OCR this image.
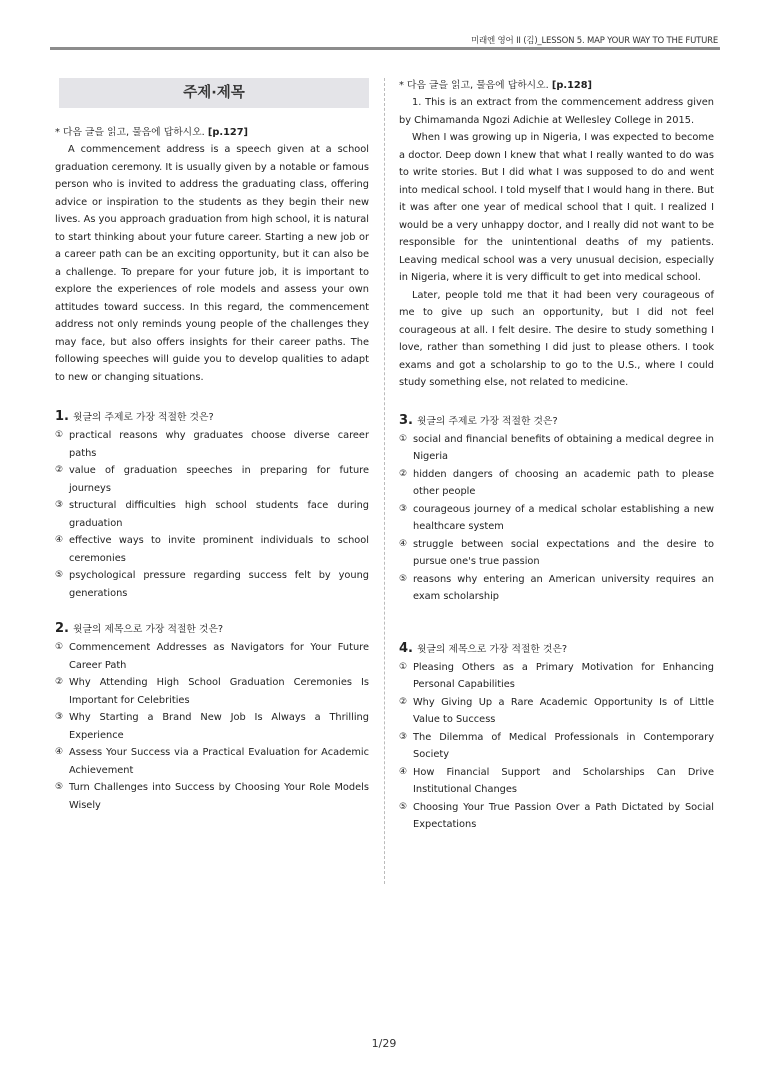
미래엔 영어 II (김)_LESSON 5. MAP YOUR WAY TO THE FUTURE
주제·제목
* 다음 글을 읽고, 물음에 답하시오. [p.127]

A commencement address is a speech given at a school graduation ceremony. It is usually given by a notable or famous person who is invited to address the graduating class, offering advice or inspiration to the students as they begin their new lives. As you approach graduation from high school, it is natural to start thinking about your future career. Starting a new job or a career path can be an exciting opportunity, but it can also be a challenge. To prepare for your future job, it is important to explore the experiences of role models and assess your own attitudes toward success. In this regard, the commencement address not only reminds young people of the challenges they may face, but also offers insights for their career paths. The following speeches will guide you to develop qualities to adapt to new or changing situations.

1. 윗글의 주제로 가장 적절한 것은?
① practical reasons why graduates choose diverse career paths
② value of graduation speeches in preparing for future journeys
③ structural difficulties high school students face during graduation
④ effective ways to invite prominent individuals to school ceremonies
⑤ psychological pressure regarding success felt by young generations
2. 윗글의 제목으로 가장 적절한 것은?
① Commencement Addresses as Navigators for Your Future Career Path
② Why Attending High School Graduation Ceremonies Is Important for Celebrities
③ Why Starting a Brand New Job Is Always a Thrilling Experience
④ Assess Your Success via a Practical Evaluation for Academic Achievement
⑤ Turn Challenges into Success by Choosing Your Role Models Wisely
* 다음 글을 읽고, 물음에 답하시오. [p.128]

1. This is an extract from the commencement address given by Chimamanda Ngozi Adichie at Wellesley College in 2015.

When I was growing up in Nigeria, I was expected to become a doctor. Deep down I knew that what I really wanted to do was to write stories. But I did what I was supposed to do and went into medical school. I told myself that I would hang in there. But it was after one year of medical school that I quit. I realized I would be a very unhappy doctor, and I really did not want to be responsible for the unintentional deaths of my patients. Leaving medical school was a very unusual decision, especially in Nigeria, where it is very difficult to get into medical school.

Later, people told me that it had been very courageous of me to give up such an opportunity, but I did not feel courageous at all. I felt desire. The desire to study something I love, rather than something I did just to please others. I took exams and got a scholarship to go to the U.S., where I could study something else, not related to medicine.

3. 윗글의 주제로 가장 적절한 것은?
① social and financial benefits of obtaining a medical degree in Nigeria
② hidden dangers of choosing an academic path to please other people
③ courageous journey of a medical scholar establishing a new healthcare system
④ struggle between social expectations and the desire to pursue one's true passion
⑤ reasons why entering an American university requires an exam scholarship
4. 윗글의 제목으로 가장 적절한 것은?
① Pleasing Others as a Primary Motivation for Enhancing Personal Capabilities
② Why Giving Up a Rare Academic Opportunity Is of Little Value to Success
③ The Dilemma of Medical Professionals in Contemporary Society
④ How Financial Support and Scholarships Can Drive Institutional Changes
⑤ Choosing Your True Passion Over a Path Dictated by Social Expectations
1/29
